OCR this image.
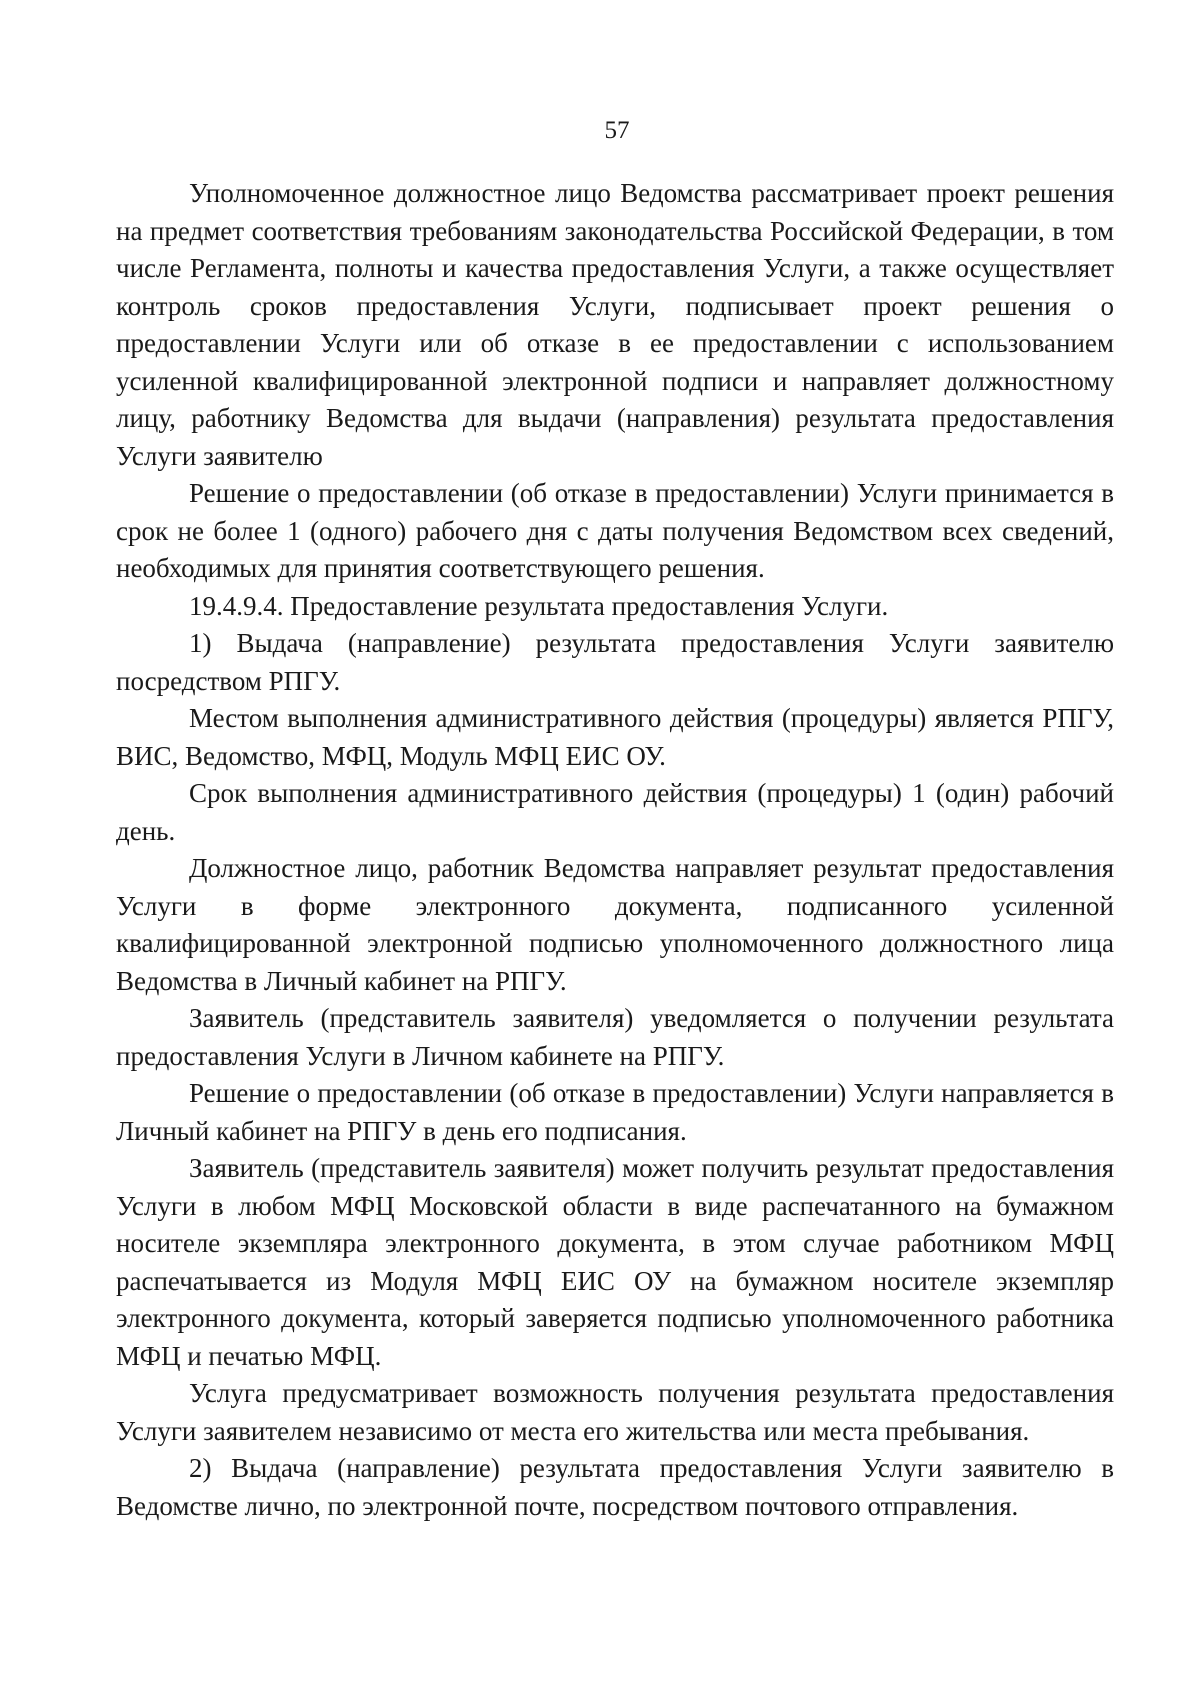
57

Уполномоченное должностное лицо Ведомства рассматривает проект решения на предмет соответствия требованиям законодательства Российской Федерации, в том числе Регламента, полноты и качества предоставления Услуги, а также осуществляет контроль сроков предоставления Услуги, подписывает проект решения о предоставлении Услуги или об отказе в ее предоставлении с использованием усиленной квалифицированной электронной подписи и направляет должностному лицу, работнику Ведомства для выдачи (направления) результата предоставления Услуги заявителю

Решение о предоставлении (об отказе в предоставлении) Услуги принимается в срок не более 1 (одного) рабочего дня с даты получения Ведомством всех сведений, необходимых для принятия соответствующего решения.

19.4.9.4. Предоставление результата предоставления Услуги.

1) Выдача (направление) результата предоставления Услуги заявителю посредством РПГУ.

Местом выполнения административного действия (процедуры) является РПГУ, ВИС, Ведомство, МФЦ, Модуль МФЦ ЕИС ОУ.

Срок выполнения административного действия (процедуры) 1 (один) рабочий день.

Должностное лицо, работник Ведомства направляет результат предоставления Услуги в форме электронного документа, подписанного усиленной квалифицированной электронной подписью уполномоченного должностного лица Ведомства в Личный кабинет на РПГУ.

Заявитель (представитель заявителя) уведомляется о получении результата предоставления Услуги в Личном кабинете на РПГУ.

Решение о предоставлении (об отказе в предоставлении) Услуги направляется в Личный кабинет на РПГУ в день его подписания.

Заявитель (представитель заявителя) может получить результат предоставления Услуги в любом МФЦ Московской области в виде распечатанного на бумажном носителе экземпляра электронного документа, в этом случае работником МФЦ распечатывается из Модуля МФЦ ЕИС ОУ на бумажном носителе экземпляр электронного документа, который заверяется подписью уполномоченного работника МФЦ и печатью МФЦ.

Услуга предусматривает возможность получения результата предоставления Услуги заявителем независимо от места его жительства или места пребывания.

2) Выдача (направление) результата предоставления Услуги заявителю в Ведомстве лично, по электронной почте, посредством почтового отправления.
